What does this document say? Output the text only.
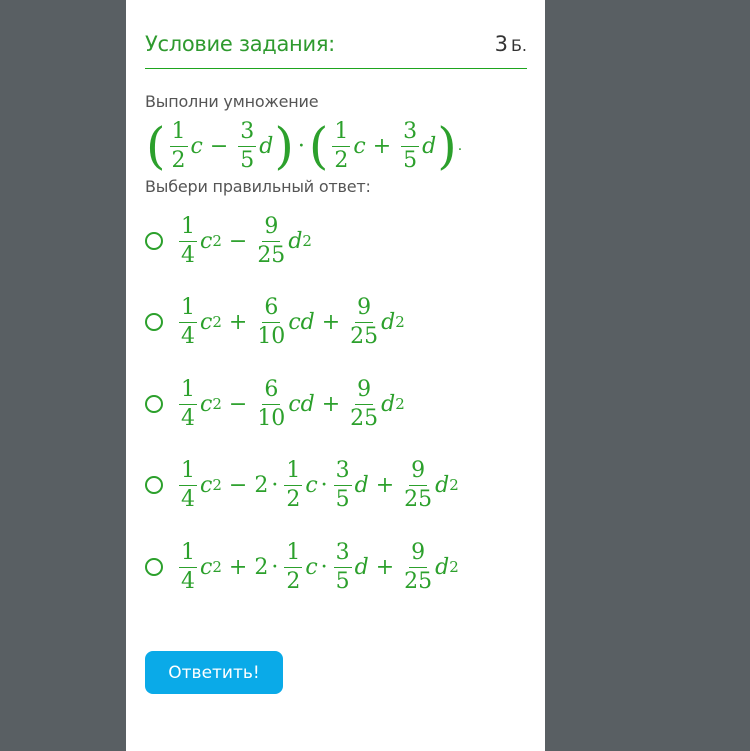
Условие задания:	3 Б.
Выполни умножение
( $\frac{1}{2}$ $c - \frac{3}{5}$ d ) · ( $\frac{1}{2}$ $c + \frac{3}{5}$ d ) .
Выбери правильный ответ:
$\frac{1}{4}$ c $2 - \frac{9}{25}$ d 2
$\frac{1}{4}$ c $2 + \frac{6}{10}$ cd + $\frac{9}{25}$ d 2
$\frac{1}{4}$ c $2 - \frac{6}{10}$ cd + $\frac{9}{25}$ d 2
$\frac{1}{4}$ c $2 - 2 \cdot \frac{1}{2}$ $c \cdot \frac{3}{5}$ $d + \frac{9}{25}$ d 2
$\frac{1}{4}$ c $2 + 2 \cdot \frac{1}{2}$ $c \cdot \frac{3}{5}$ $d + \frac{9}{25}$ d 2
Ответить!
